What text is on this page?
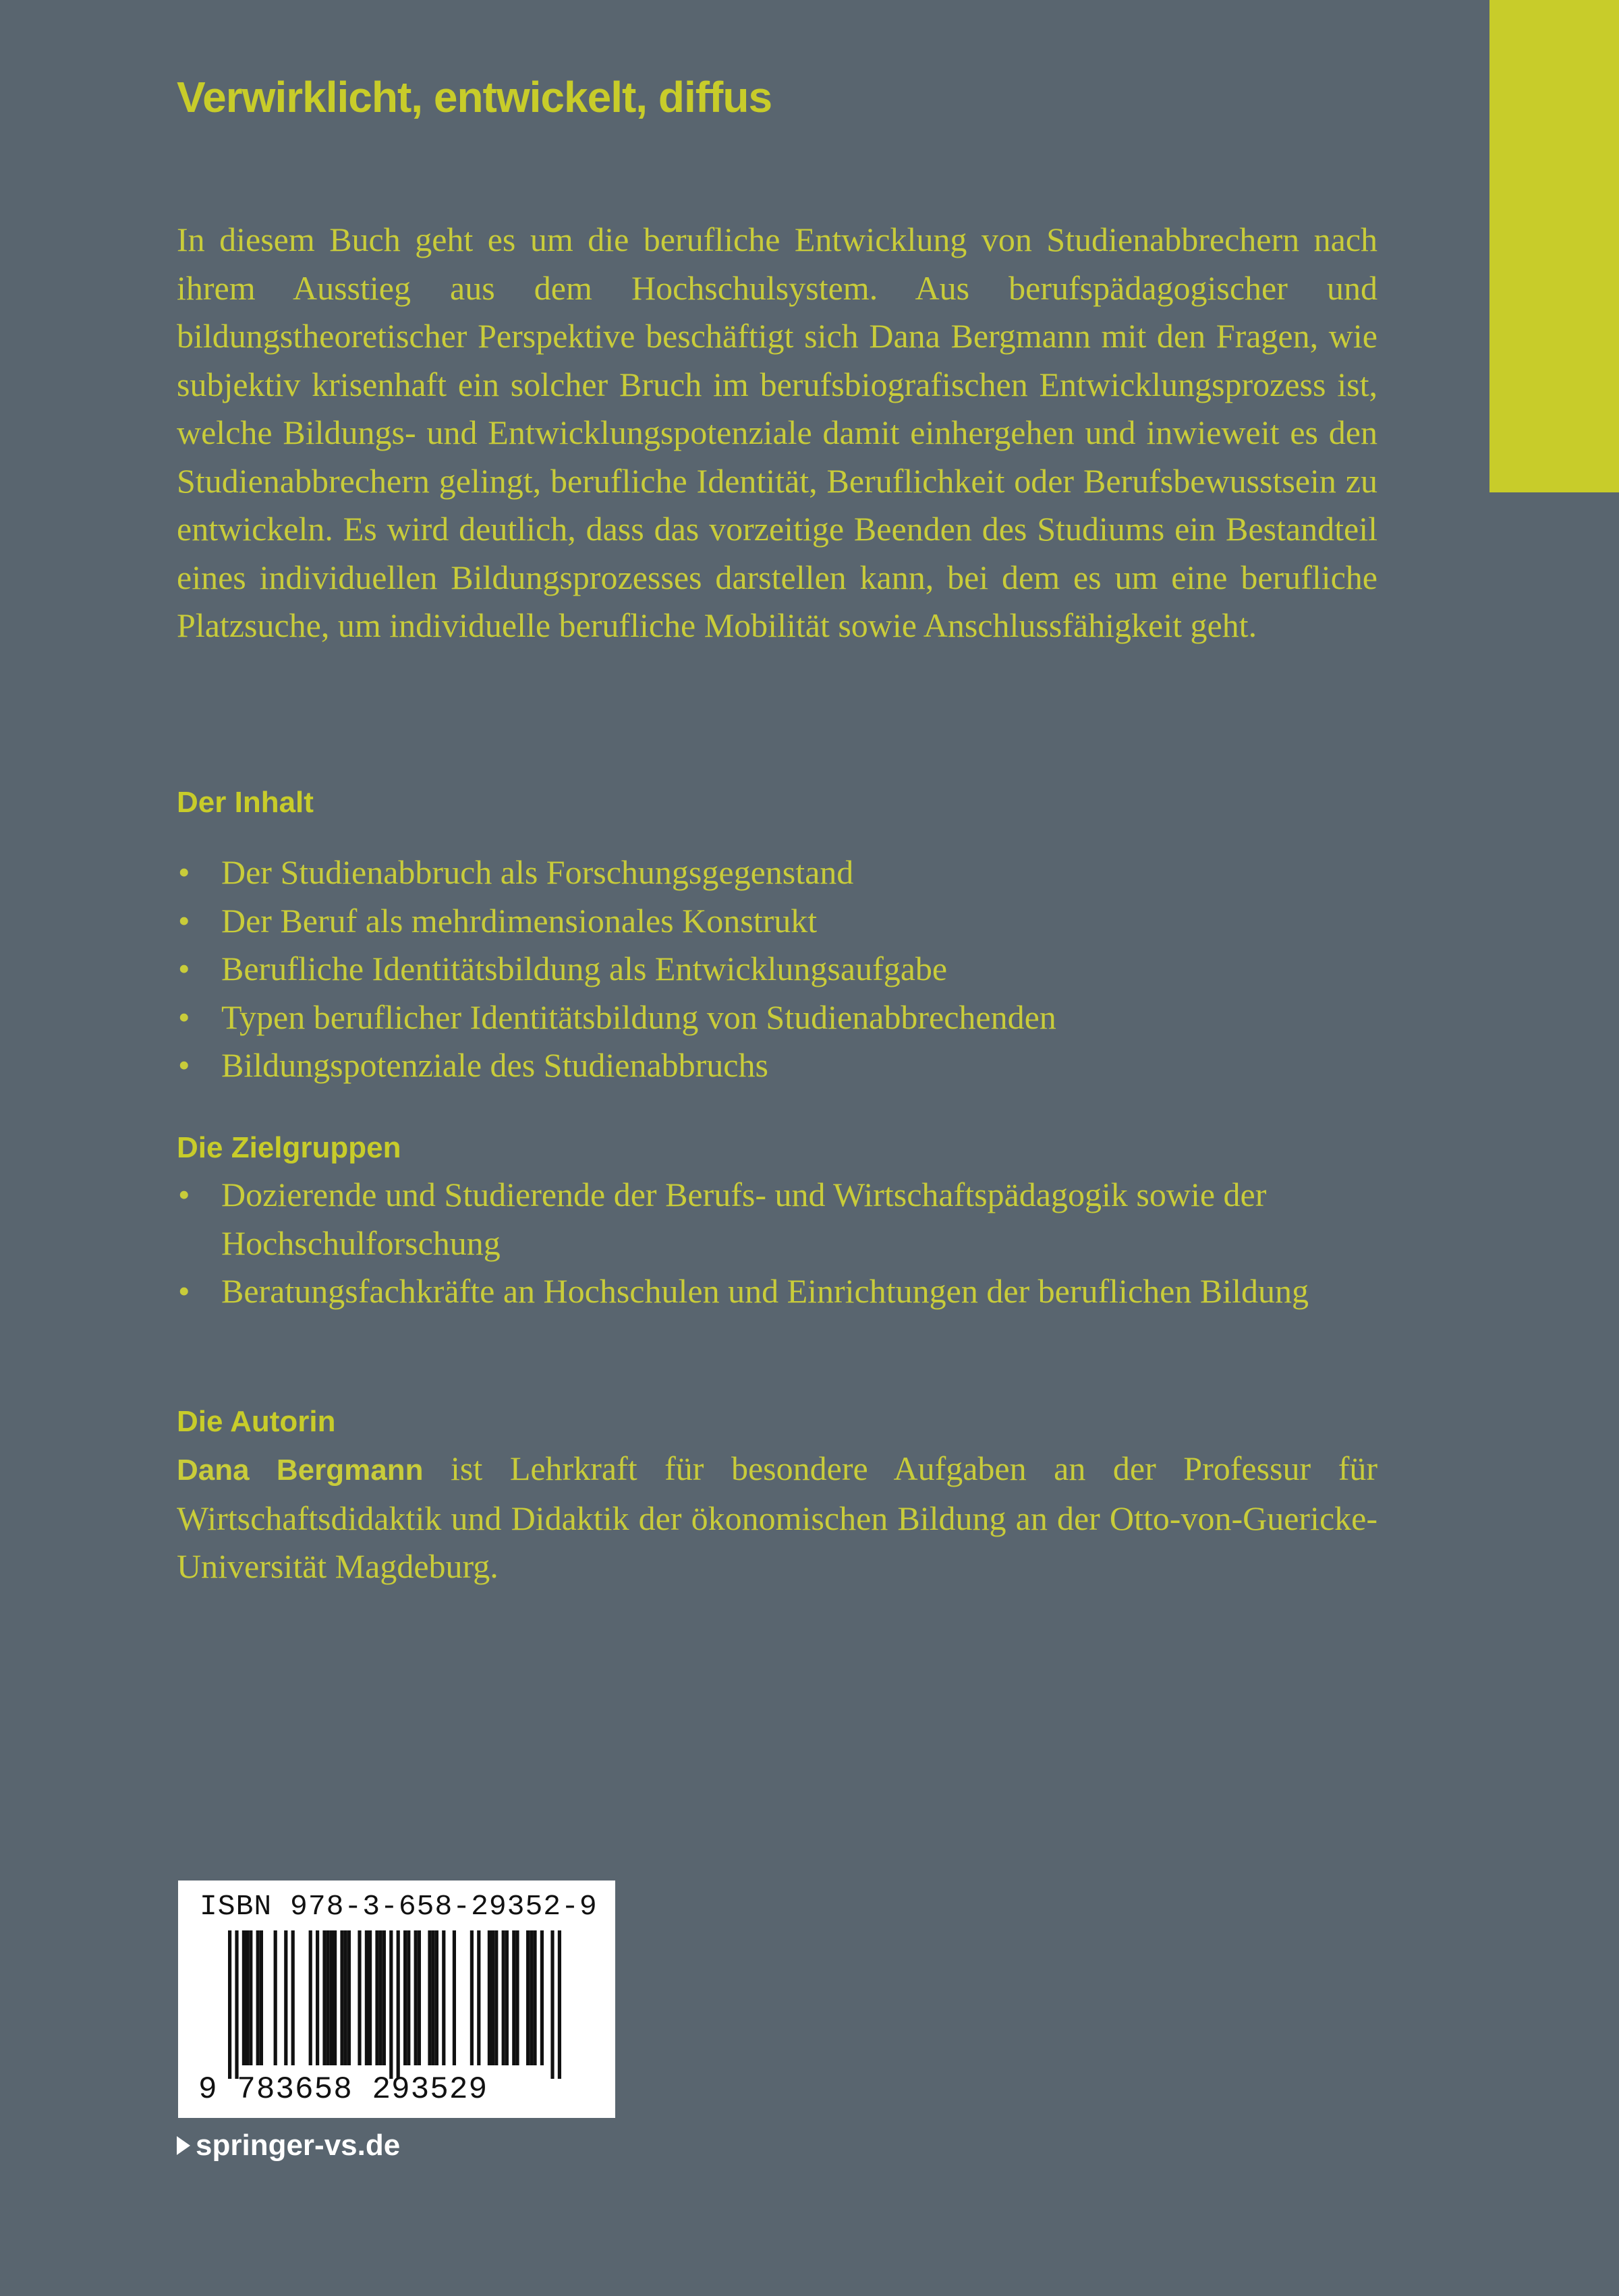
Verwirklicht, entwickelt, diffus

In diesem Buch geht es um die berufliche Entwicklung von Studienabbrechern nach ihrem Ausstieg aus dem Hochschulsystem. Aus berufspädagogischer und bildungstheoretischer Perspektive beschäftigt sich Dana Bergmann mit den Fragen, wie subjektiv krisenhaft ein solcher Bruch im berufsbiografischen Entwicklungsprozess ist, welche Bildungs- und Entwicklungspotenziale damit einhergehen und inwieweit es den Studienabbrechern gelingt, berufliche Identität, Beruflichkeit oder Berufsbewusstsein zu entwickeln. Es wird deutlich, dass das vorzeitige Beenden des Studiums ein Bestandteil eines individuellen Bildungsprozesses darstellen kann, bei dem es um eine berufliche Platzsuche, um individuelle berufliche Mobilität sowie Anschlussfähigkeit geht.

Der Inhalt
• Der Studienabbruch als Forschungsgegenstand
• Der Beruf als mehrdimensionales Konstrukt
• Berufliche Identitätsbildung als Entwicklungsaufgabe
• Typen beruflicher Identitätsbildung von Studienabbrechenden
• Bildungspotenziale des Studienabbruchs
Die Zielgruppen
• Dozierende und Studierende der Berufs- und Wirtschaftspädagogik sowie der Hochschulforschung
• Beratungsfachkräfte an Hochschulen und Einrichtungen der beruflichen Bildung
Die Autorin

Dana Bergmann ist Lehrkraft für besondere Aufgaben an der Professur für Wirtschaftsdidaktik und Didaktik der ökonomischen Bildung an der Otto-von-Guericke-Universität Magdeburg.

ISBN 978-3-658-29352-9
9 783658 293529
springer-vs.de
